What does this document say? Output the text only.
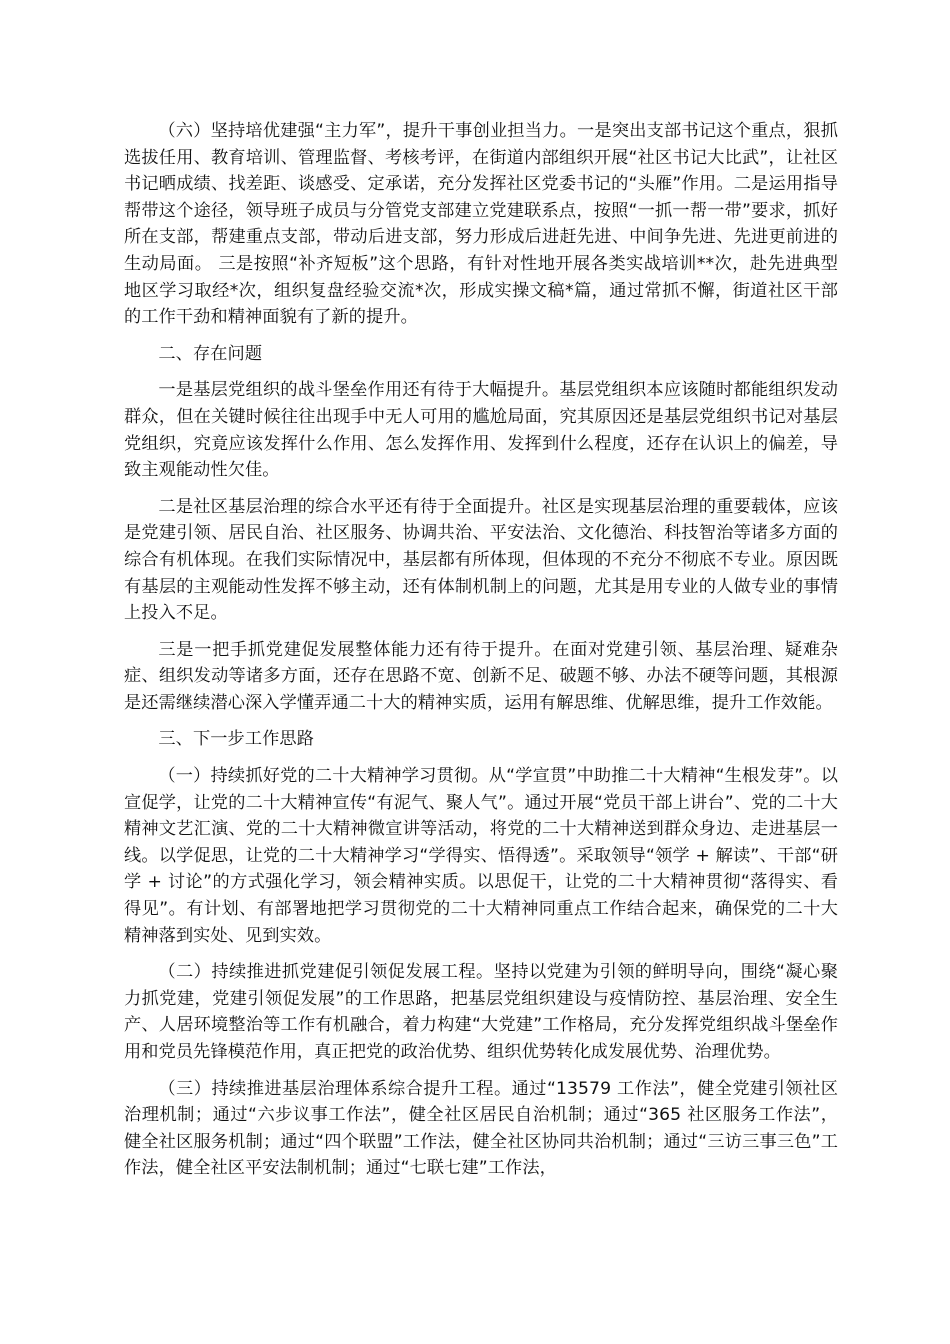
（六）坚持培优建强“主力军”，提升干事创业担当力。一是突出支部书记这个重点，狠抓选拔任用、教育培训、管理监督、考核考评，在街道内部组织开展“社区书记大比武”，让社区书记晒成绩、找差距、谈感受、定承诺，充分发挥社区党委书记的“头雁”作用。二是运用指导帮带这个途径，领导班子成员与分管党支部建立党建联系点，按照“一抓一帮一带”要求，抓好所在支部，帮建重点支部，带动后进支部，努力形成后进赶先进、中间争先进、先进更前进的生动局面。 三是按照“补齐短板”这个思路，有针对性地开展各类实战培训**次，赴先进典型地区学习取经*次，组织复盘经验交流*次，形成实操文稿*篇，通过常抓不懈，街道社区干部的工作干劲和精神面貌有了新的提升。

二、存在问题

一是基层党组织的战斗堡垒作用还有待于大幅提升。基层党组织本应该随时都能组织发动群众，但在关键时候往往出现手中无人可用的尴尬局面，究其原因还是基层党组织书记对基层党组织，究竟应该发挥什么作用、怎么发挥作用、发挥到什么程度，还存在认识上的偏差，导致主观能动性欠佳。

二是社区基层治理的综合水平还有待于全面提升。社区是实现基层治理的重要载体，应该是党建引领、居民自治、社区服务、协调共治、平安法治、文化德治、科技智治等诸多方面的综合有机体现。在我们实际情况中，基层都有所体现，但体现的不充分不彻底不专业。原因既有基层的主观能动性发挥不够主动，还有体制机制上的问题，尤其是用专业的人做专业的事情上投入不足。

三是一把手抓党建促发展整体能力还有待于提升。在面对党建引领、基层治理、疑难杂症、组织发动等诸多方面，还存在思路不宽、创新不足、破题不够、办法不硬等问题，其根源是还需继续潜心深入学懂弄通二十大的精神实质，运用有解思维、优解思维，提升工作效能。

三、下一步工作思路

（一）持续抓好党的二十大精神学习贯彻。从“学宣贯”中助推二十大精神“生根发芽”。以宣促学，让党的二十大精神宣传“有泥气、聚人气”。通过开展“党员干部上讲台”、党的二十大精神文艺汇演、党的二十大精神微宣讲等活动，将党的二十大精神送到群众身边、走进基层一线。以学促思，让党的二十大精神学习“学得实、悟得透”。采取领导“领学 + 解读”、干部“研学 + 讨论”的方式强化学习，领会精神实质。以思促干，让党的二十大精神贯彻“落得实、看得见”。有计划、有部署地把学习贯彻党的二十大精神同重点工作结合起来，确保党的二十大精神落到实处、见到实效。

（二）持续推进抓党建促引领促发展工程。坚持以党建为引领的鲜明导向，围绕“凝心聚力抓党建，党建引领促发展”的工作思路，把基层党组织建设与疫情防控、基层治理、安全生产、人居环境整治等工作有机融合，着力构建“大党建”工作格局，充分发挥党组织战斗堡垒作用和党员先锋模范作用，真正把党的政治优势、组织优势转化成发展优势、治理优势。

（三）持续推进基层治理体系综合提升工程。通过“13579 工作法”，健全党建引领社区治理机制；通过“六步议事工作法”，健全社区居民自治机制；通过“365 社区服务工作法”，健全社区服务机制；通过“四个联盟”工作法，健全社区协同共治机制；通过“三访三事三色”工作法，健全社区平安法制机制；通过“七联七建”工作法，
